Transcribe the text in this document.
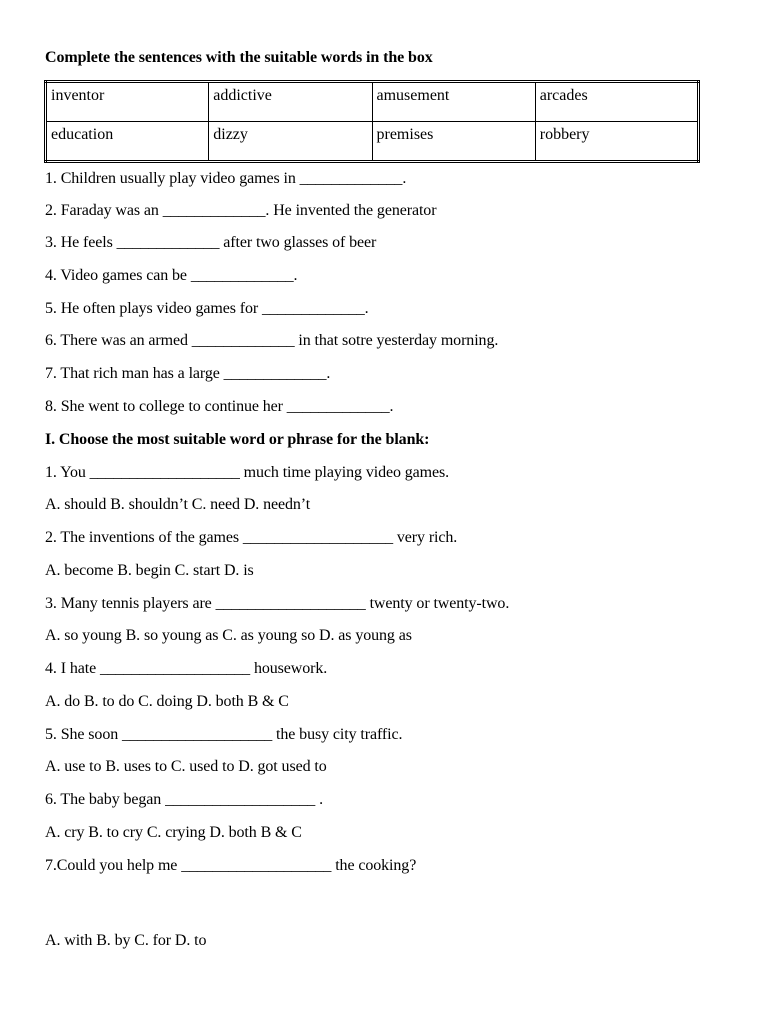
Complete the sentences with the suitable words in the box
inventor	addictive	amusement	arcades
education	dizzy	premises	robbery
1. Children usually play video games in _____________.
2. Faraday was an _____________. He invented the generator
3. He feels _____________ after two glasses of beer
4. Video games can be _____________.
5. He often plays video games for _____________.
6. There was an armed _____________ in that sotre yesterday morning.
7. That rich man has a large _____________.
8. She went to college to continue her _____________.
I. Choose the most suitable word or phrase for the blank:
1. You ___________________ much time playing video games.
A. should B. shouldn’t C. need D. needn’t
2. The inventions of the games ___________________ very rich.
A. become B. begin C. start D. is
3. Many tennis players are ___________________ twenty or twenty-two.
A. so young B. so young as C. as young so D. as young as
4. I hate ___________________ housework.
A. do B. to do C. doing D. both B & C
5. She soon ___________________ the busy city traffic.
A. use to B. uses to C. used to D. got used to
6. The baby began ___________________ .
A. cry B. to cry C. crying D. both B & C
7.Could you help me ___________________ the cooking?
A. with B. by C. for D. to
